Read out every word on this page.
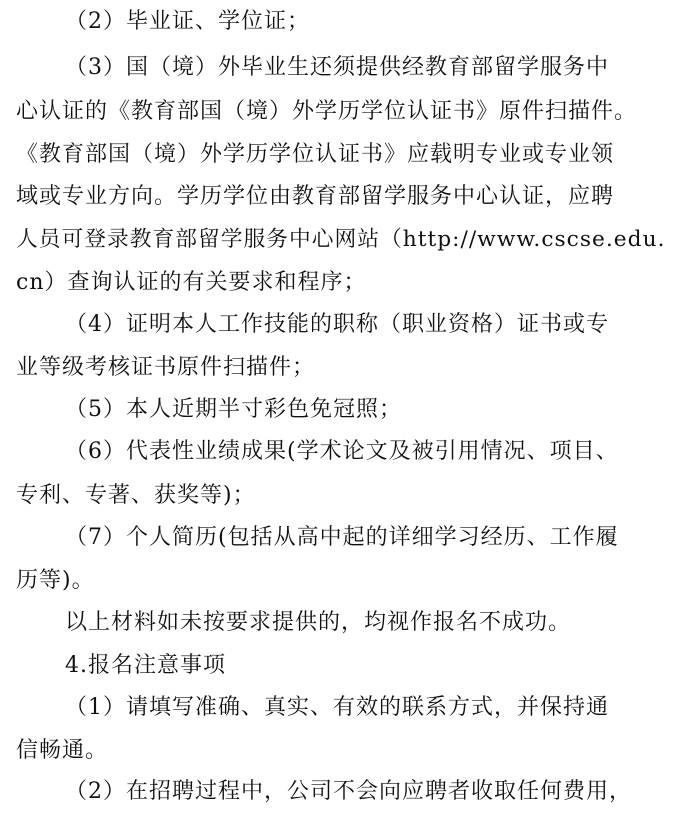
（2）毕业证、学位证；
（3）国（境）外毕业生还须提供经教育部留学服务中
心认证的《教育部国（境）外学历学位认证书》原件扫描件。
《教育部国（境）外学历学位认证书》应载明专业或专业领
域或专业方向。学历学位由教育部留学服务中心认证，应聘
人员可登录教育部留学服务中心网站（http://www.cscse.edu.
cn）查询认证的有关要求和程序；
（4）证明本人工作技能的职称（职业资格）证书或专
业等级考核证书原件扫描件；
（5）本人近期半寸彩色免冠照；
（6）代表性业绩成果(学术论文及被引用情况、项目、
专利、专著、获奖等)；
（7）个人简历(包括从高中起的详细学习经历、工作履
历等)。
以上材料如未按要求提供的，均视作报名不成功。
4.报名注意事项
（1）请填写准确、真实、有效的联系方式，并保持通
信畅通。
（2）在招聘过程中，公司不会向应聘者收取任何费用，
